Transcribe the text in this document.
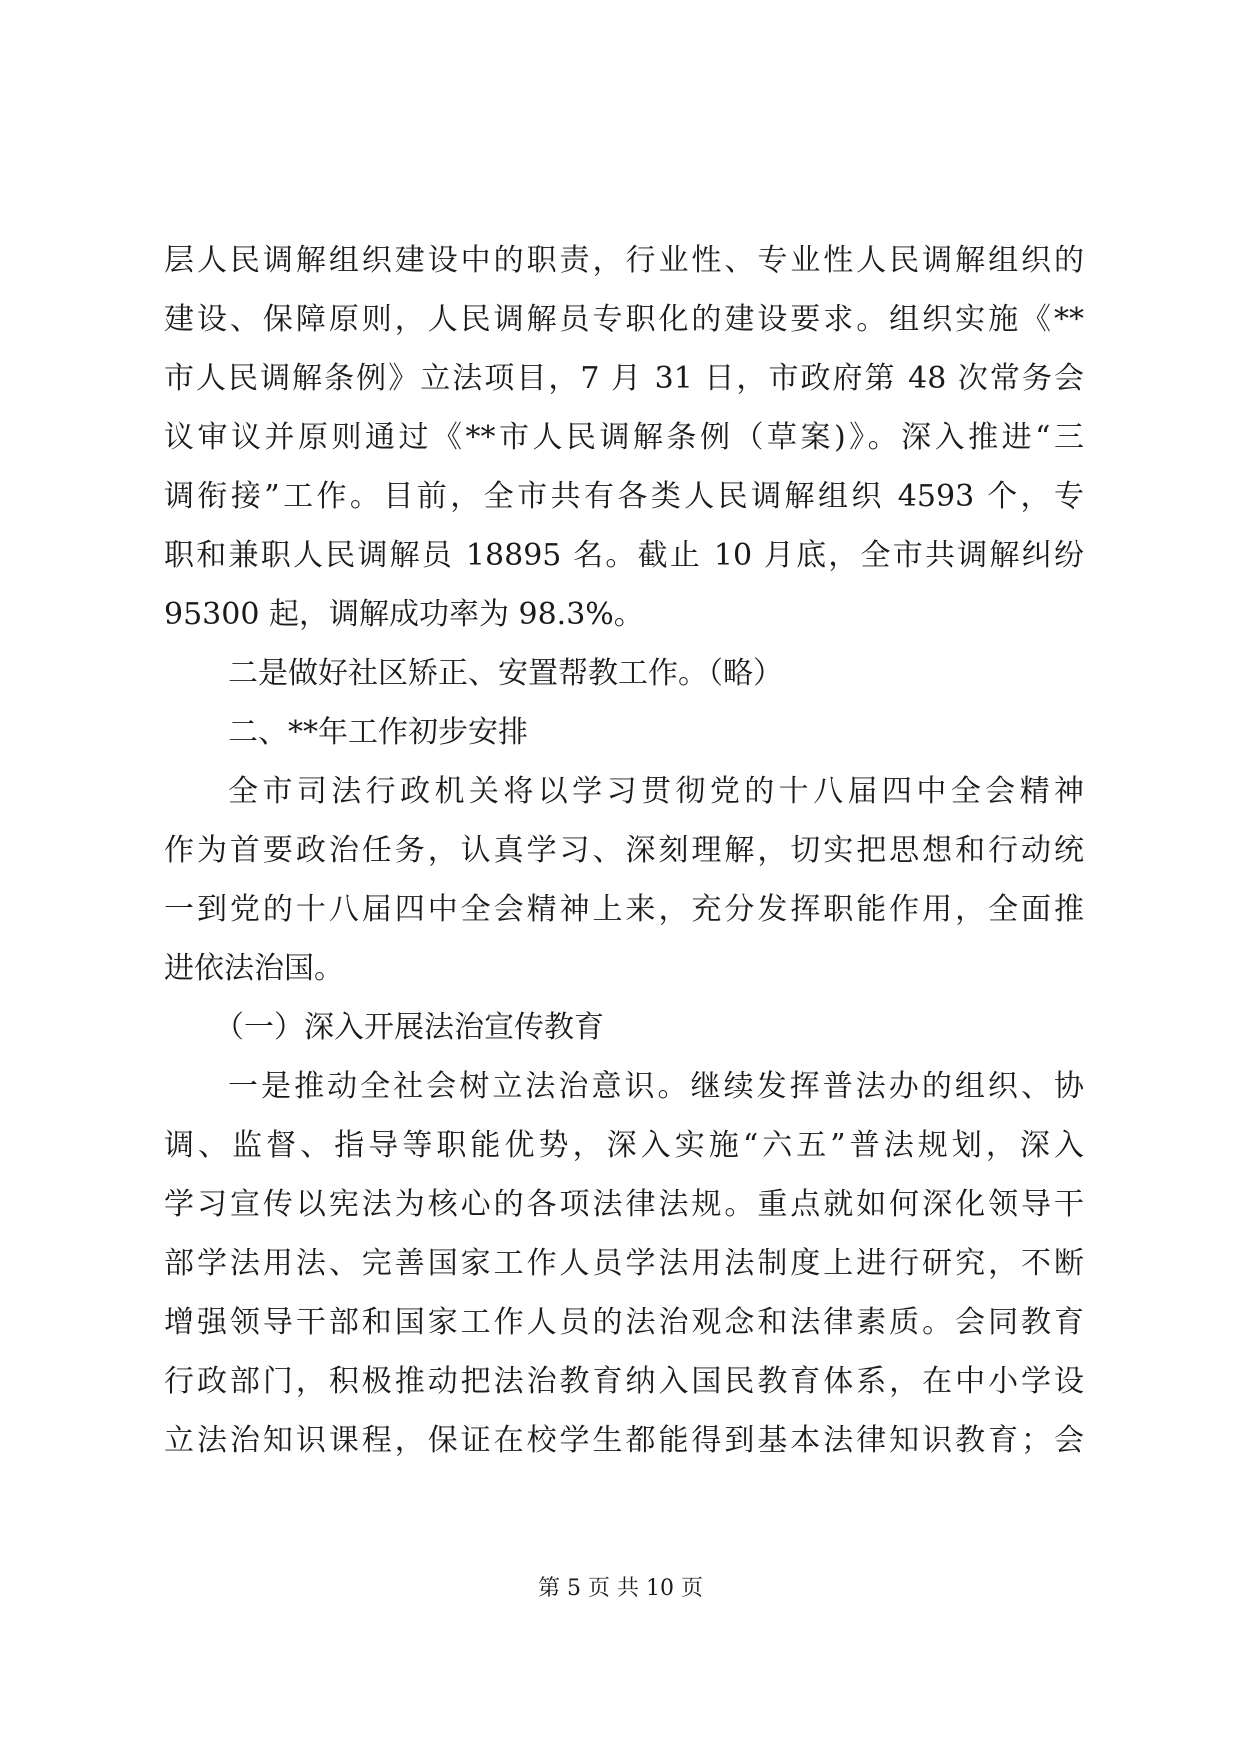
层人民调解组织建设中的职责，行业性、专业性人民调解组织的
建设、保障原则，人民调解员专职化的建设要求。组织实施《**
市人民调解条例》立法项目，7 月 31 日，市政府第 48 次常务会
议审议并原则通过《**市人民调解条例（草案)》。深入推进“三
调衔接”工作。目前，全市共有各类人民调解组织 4593 个，专
职和兼职人民调解员 18895 名。截止 10 月底，全市共调解纠纷
95300 起，调解成功率为 98.3%。
二是做好社区矫正、安置帮教工作。（略）
二、**年工作初步安排
全市司法行政机关将以学习贯彻党的十八届四中全会精神
作为首要政治任务，认真学习、深刻理解，切实把思想和行动统
一到党的十八届四中全会精神上来，充分发挥职能作用，全面推
进依法治国。
（一）深入开展法治宣传教育
一是推动全社会树立法治意识。继续发挥普法办的组织、协
调、监督、指导等职能优势，深入实施“六五”普法规划，深入
学习宣传以宪法为核心的各项法律法规。重点就如何深化领导干
部学法用法、完善国家工作人员学法用法制度上进行研究，不断
增强领导干部和国家工作人员的法治观念和法律素质。会同教育
行政部门，积极推动把法治教育纳入国民教育体系，在中小学设
立法治知识课程，保证在校学生都能得到基本法律知识教育；会
第 5 页 共 10 页
